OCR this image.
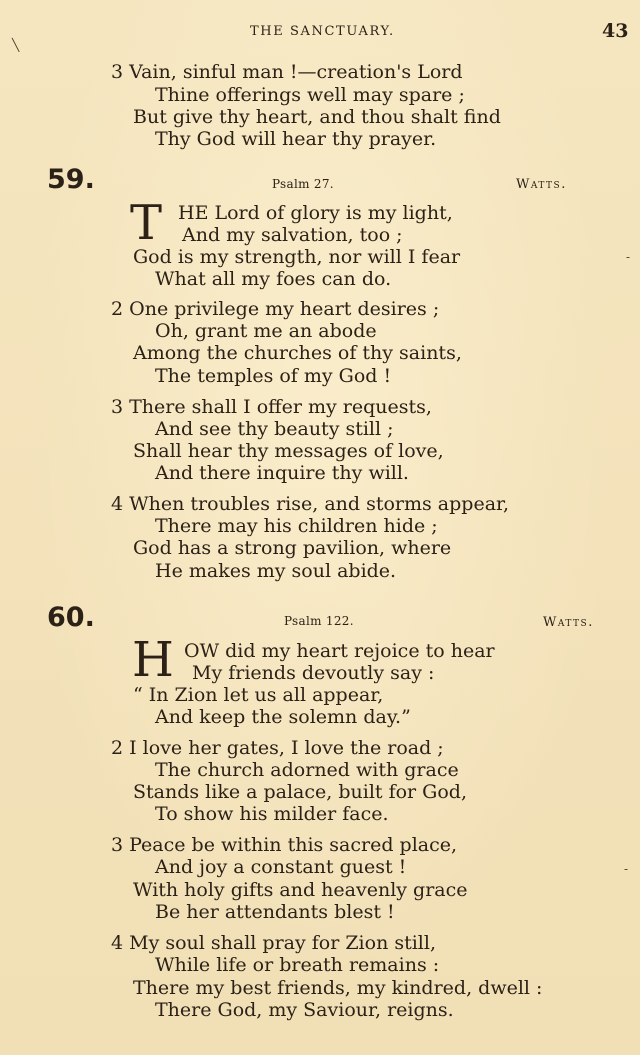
╲
THE SANCTUARY.	43
3 Vain, sinful man !—creation's Lord
Thine offerings well may spare ;
But give thy heart, and thou shalt find
Thy God will hear thy prayer.
59.	Psalm 27.	Watts.
T HE Lord of glory is my light,
And my salvation, too ;
God is my strength, nor will I fear
What all my foes can do.
-
2 One privilege my heart desires ;
Oh, grant me an abode
Among the churches of thy saints,
The temples of my God !
3 There shall I offer my requests,
And see thy beauty still ;
Shall hear thy messages of love,
And there inquire thy will.
4 When troubles rise, and storms appear,
There may his children hide ;
God has a strong pavilion, where
He makes my soul abide.
60.	Psalm 122.	Watts.
H OW did my heart rejoice to hear
My friends devoutly say :
“ In Zion let us all appear,
And keep the solemn day.”
2 I love her gates, I love the road ;
The church adorned with grace
Stands like a palace, built for God,
To show his milder face.
3 Peace be within this sacred place,
And joy a constant guest !
With holy gifts and heavenly grace
Be her attendants blest !
-
4 My soul shall pray for Zion still,
While life or breath remains :
There my best friends, my kindred, dwell :
There God, my Saviour, reigns.
